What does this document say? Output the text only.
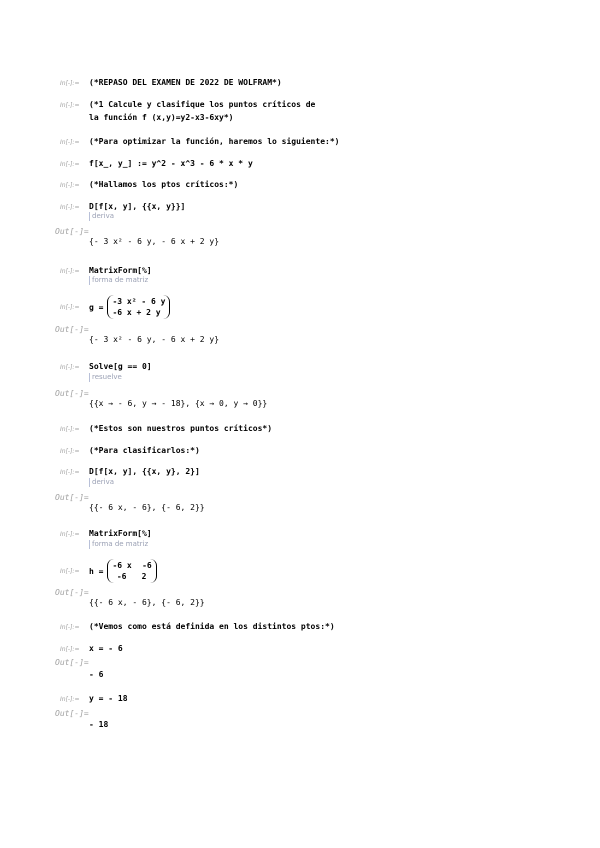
In[-]:= (*REPASO DEL EXAMEN DE 2022 DE WOLFRAM*)
In[-]:= (*1 Calcule y clasifique los puntos críticos de
la función f (x,y)=y2-x3-6xy*)
In[-]:= (*Para optimizar la función, haremos lo siguiente:*)
In[-]:= f[x_, y_] := y^2 - x^3 - 6 * x * y
In[-]:= (*Hallamos los ptos críticos:*)
In[-]:= D[f[x, y], {{x, y}}]
deriva
Out[-]=
{- 3 x² - 6 y, - 6 x + 2 y}
In[-]:= MatrixForm[%]
forma de matriz
In[-]:= g =
-3 x² - 6 y
-6 x + 2 y
Out[-]=
{- 3 x² - 6 y, - 6 x + 2 y}
In[-]:= Solve[g == 0]
resuelve
Out[-]=
{{x → - 6, y → - 18}, {x → 0, y → 0}}
In[-]:= (*Estos son nuestros puntos críticos*)
In[-]:= (*Para clasificarlos:*)
In[-]:= D[f[x, y], {{x, y}, 2}]
deriva
Out[-]=
{{- 6 x, - 6}, {- 6, 2}}
In[-]:= MatrixForm[%]
forma de matriz
In[-]:= h =
-6 x	-6
-6	2
Out[-]=
{{- 6 x, - 6}, {- 6, 2}}
In[-]:= (*Vemos como está definida en los distintos ptos:*)
In[-]:= x = - 6
Out[-]=
- 6
In[-]:= y = - 18
Out[-]=
- 18
